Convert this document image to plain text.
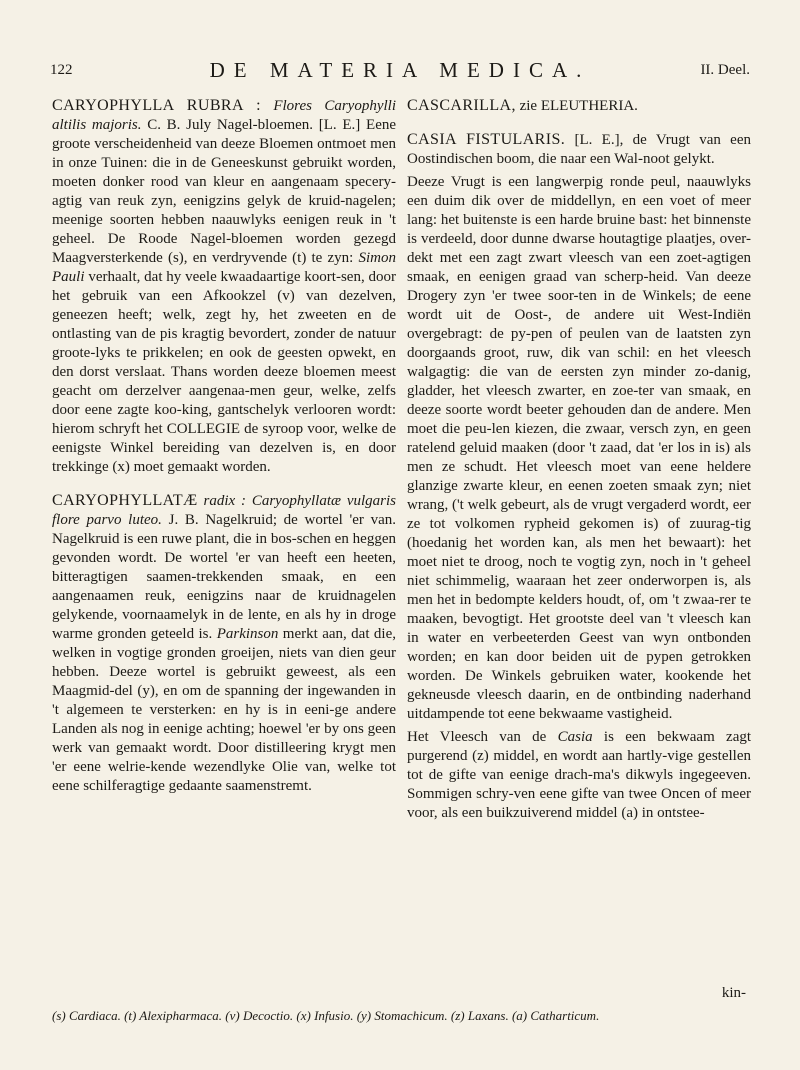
122	DE MATERIA MEDICA.	II. Deel.

CARYOPHYLLA RUBRA : Flores Caryophylli altilis majoris. C. B. July Nagel-bloemen. [L. E.] Eene groote verscheidenheid van deeze Bloemen ontmoet men in onze Tuinen: die in de Geneeskunst gebruikt worden, moeten donker rood van kleur en aangenaam specery-agtig van reuk zyn, eenigzins gelyk de kruid-nagelen; meenige soorten hebben naauwlyks eenigen reuk in 't geheel. De Roode Nagel-bloemen worden gezegd Maagversterkende (s), en verdryvende (t) te zyn: Simon Pauli verhaalt, dat hy veele kwaadaartige koort-sen, door het gebruik van een Afkookzel (v) van dezelven, geneezen heeft; welk, zegt hy, het zweeten en de ontlasting van de pis kragtig bevordert, zonder de natuur groote-lyks te prikkelen; en ook de geesten opwekt, en den dorst verslaat. Thans worden deeze bloemen meest geacht om derzelver aangenaa-men geur, welke, zelfs door eene zagte koo-king, gantschelyk verlooren wordt: hierom schryft het COLLEGIE de syroop voor, welke de eenigste Winkel bereiding van dezelven is, en door trekkinge (x) moet gemaakt worden.

CARYOPHYLLATÆ radix : Caryophyllatæ vulgaris flore parvo luteo. J. B. Nagelkruid; de wortel 'er van. Nagelkruid is een ruwe plant, die in bos-schen en heggen gevonden wordt. De wortel 'er van heeft een heeten, bitteragtigen saamen-trekkenden smaak, en een aangenaamen reuk, eenigzins naar de kruidnagelen gelykende, voornaamelyk in de lente, en als hy in droge warme gronden geteeld is. Parkinson merkt aan, dat die, welken in vogtige gronden groeijen, niets van dien geur hebben. Deeze wortel is gebruikt geweest, als een Maagmid-del (y), en om de spanning der ingewanden in 't algemeen te versterken: en hy is in eeni-ge andere Landen als nog in eenige achting; hoewel 'er by ons geen werk van gemaakt wordt. Door distilleering krygt men 'er eene welrie-kende wezendlyke Olie van, welke tot eene schilferagtige gedaante saamenstremt.

CASCARILLA, zie ELEUTHERIA.

CASIA FISTULARIS. [L. E.], de Vrugt van een Oostindischen boom, die naar een Wal-noot gelykt.

Deeze Vrugt is een langwerpig ronde peul, naauwlyks een duim dik over de middellyn, en een voet of meer lang: het buitenste is een harde bruine bast: het binnenste is verdeeld, door dunne dwarse houtagtige plaatjes, over-dekt met een zagt zwart vleesch van een zoet-agtigen smaak, en eenigen graad van scherp-heid. Van deeze Drogery zyn 'er twee soor-ten in de Winkels; de eene wordt uit de Oost-, de andere uit West-Indiën overgebragt: de py-pen of peulen van de laatsten zyn doorgaands groot, ruw, dik van schil: en het vleesch walgagtig: die van de eersten zyn minder zo-danig, gladder, het vleesch zwarter, en zoe-ter van smaak, en deeze soorte wordt beeter gehouden dan de andere. Men moet die peu-len kiezen, die zwaar, versch zyn, en geen ratelend geluid maaken (door 't zaad, dat 'er los in is) als men ze schudt. Het vleesch moet van eene heldere glanzige zwarte kleur, en eenen zoeten smaak zyn; niet wrang, ('t welk gebeurt, als de vrugt vergaderd wordt, eer ze tot volkomen rypheid gekomen is) of zuurag-tig (hoedanig het worden kan, als men het bewaart): het moet niet te droog, noch te vogtig zyn, noch in 't geheel niet schimmelig, waaraan het zeer onderworpen is, als men het in bedompte kelders houdt, of, om 't zwaa-rer te maaken, bevogtigt. Het grootste deel van 't vleesch kan in water en verbeeterden Geest van wyn ontbonden worden; en kan door beiden uit de pypen getrokken worden. De Winkels gebruiken water, kookende het gekneusde vleesch daarin, en de ontbinding naderhand uitdampende tot eene bekwaame vastigheid.

Het Vleesch van de Casia is een bekwaam zagt purgerend (z) middel, en wordt aan hartly-vige gestellen tot de gifte van eenige drach-ma's dikwyls ingegeeven. Sommigen schry-ven eene gifte van twee Oncen of meer voor, als een buikzuiverend middel (a) in ontstee-

kin-
(s) Cardiaca. (t) Alexipharmaca. (v) Decoctio. (x) Infusio. (y) Stomachicum. (z) Laxans. (a) Catharticum.
